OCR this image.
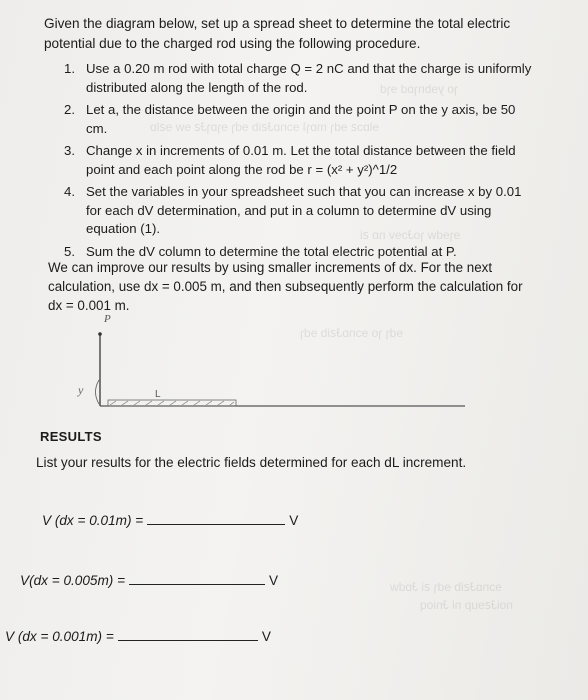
ɿo yɘbnɿɒd ɘɿd
ɘlɒɔꙅ ɘdɿ mɒɿʇ ɘɔnɒɈꙅib ɘdɿ ɘɿɒɿɈꙅ ɘw ɘꙅlɒ
ɘɿɘdw ɿoɈɔɘv nɒ ꙅi
ɘdɿ ɿo ɘɔnɒɈꙅib ɘdɿ
ɘɔnɒɈꙅib ɘdɿ ꙅi Ɉɒdw
noiɈꙅɘup ni Ɉnioq
Given the diagram below, set up a spread sheet to determine the total electric potential due to the charged rod using the following procedure.
1. Use a 0.20 m rod with total charge Q = 2 nC and that the charge is uniformly distributed along the length of the rod.
2. Let a, the distance between the origin and the point P on the y axis, be 50 cm.
3. Change x in increments of 0.01 m. Let the total distance between the field point and each point along the rod be r = (x² + y²)^1/2
4. Set the variables in your spreadsheet such that you can increase x by 0.01 for each dV determination, and put in a column to determine dV using equation (1).
5. Sum the dV column to determine the total electric potential at P.
We can improve our results by using smaller increments of dx. For the next calculation, use dx = 0.005 m, and then subsequently perform the calculation for dx = 0.001 m.
P
y	L
RESULTS
List your results for the electric fields determined for each dL increment.
V (dx = 0.01m) =	V
V(dx = 0.005m) =	V
V (dx = 0.001m) =	V
